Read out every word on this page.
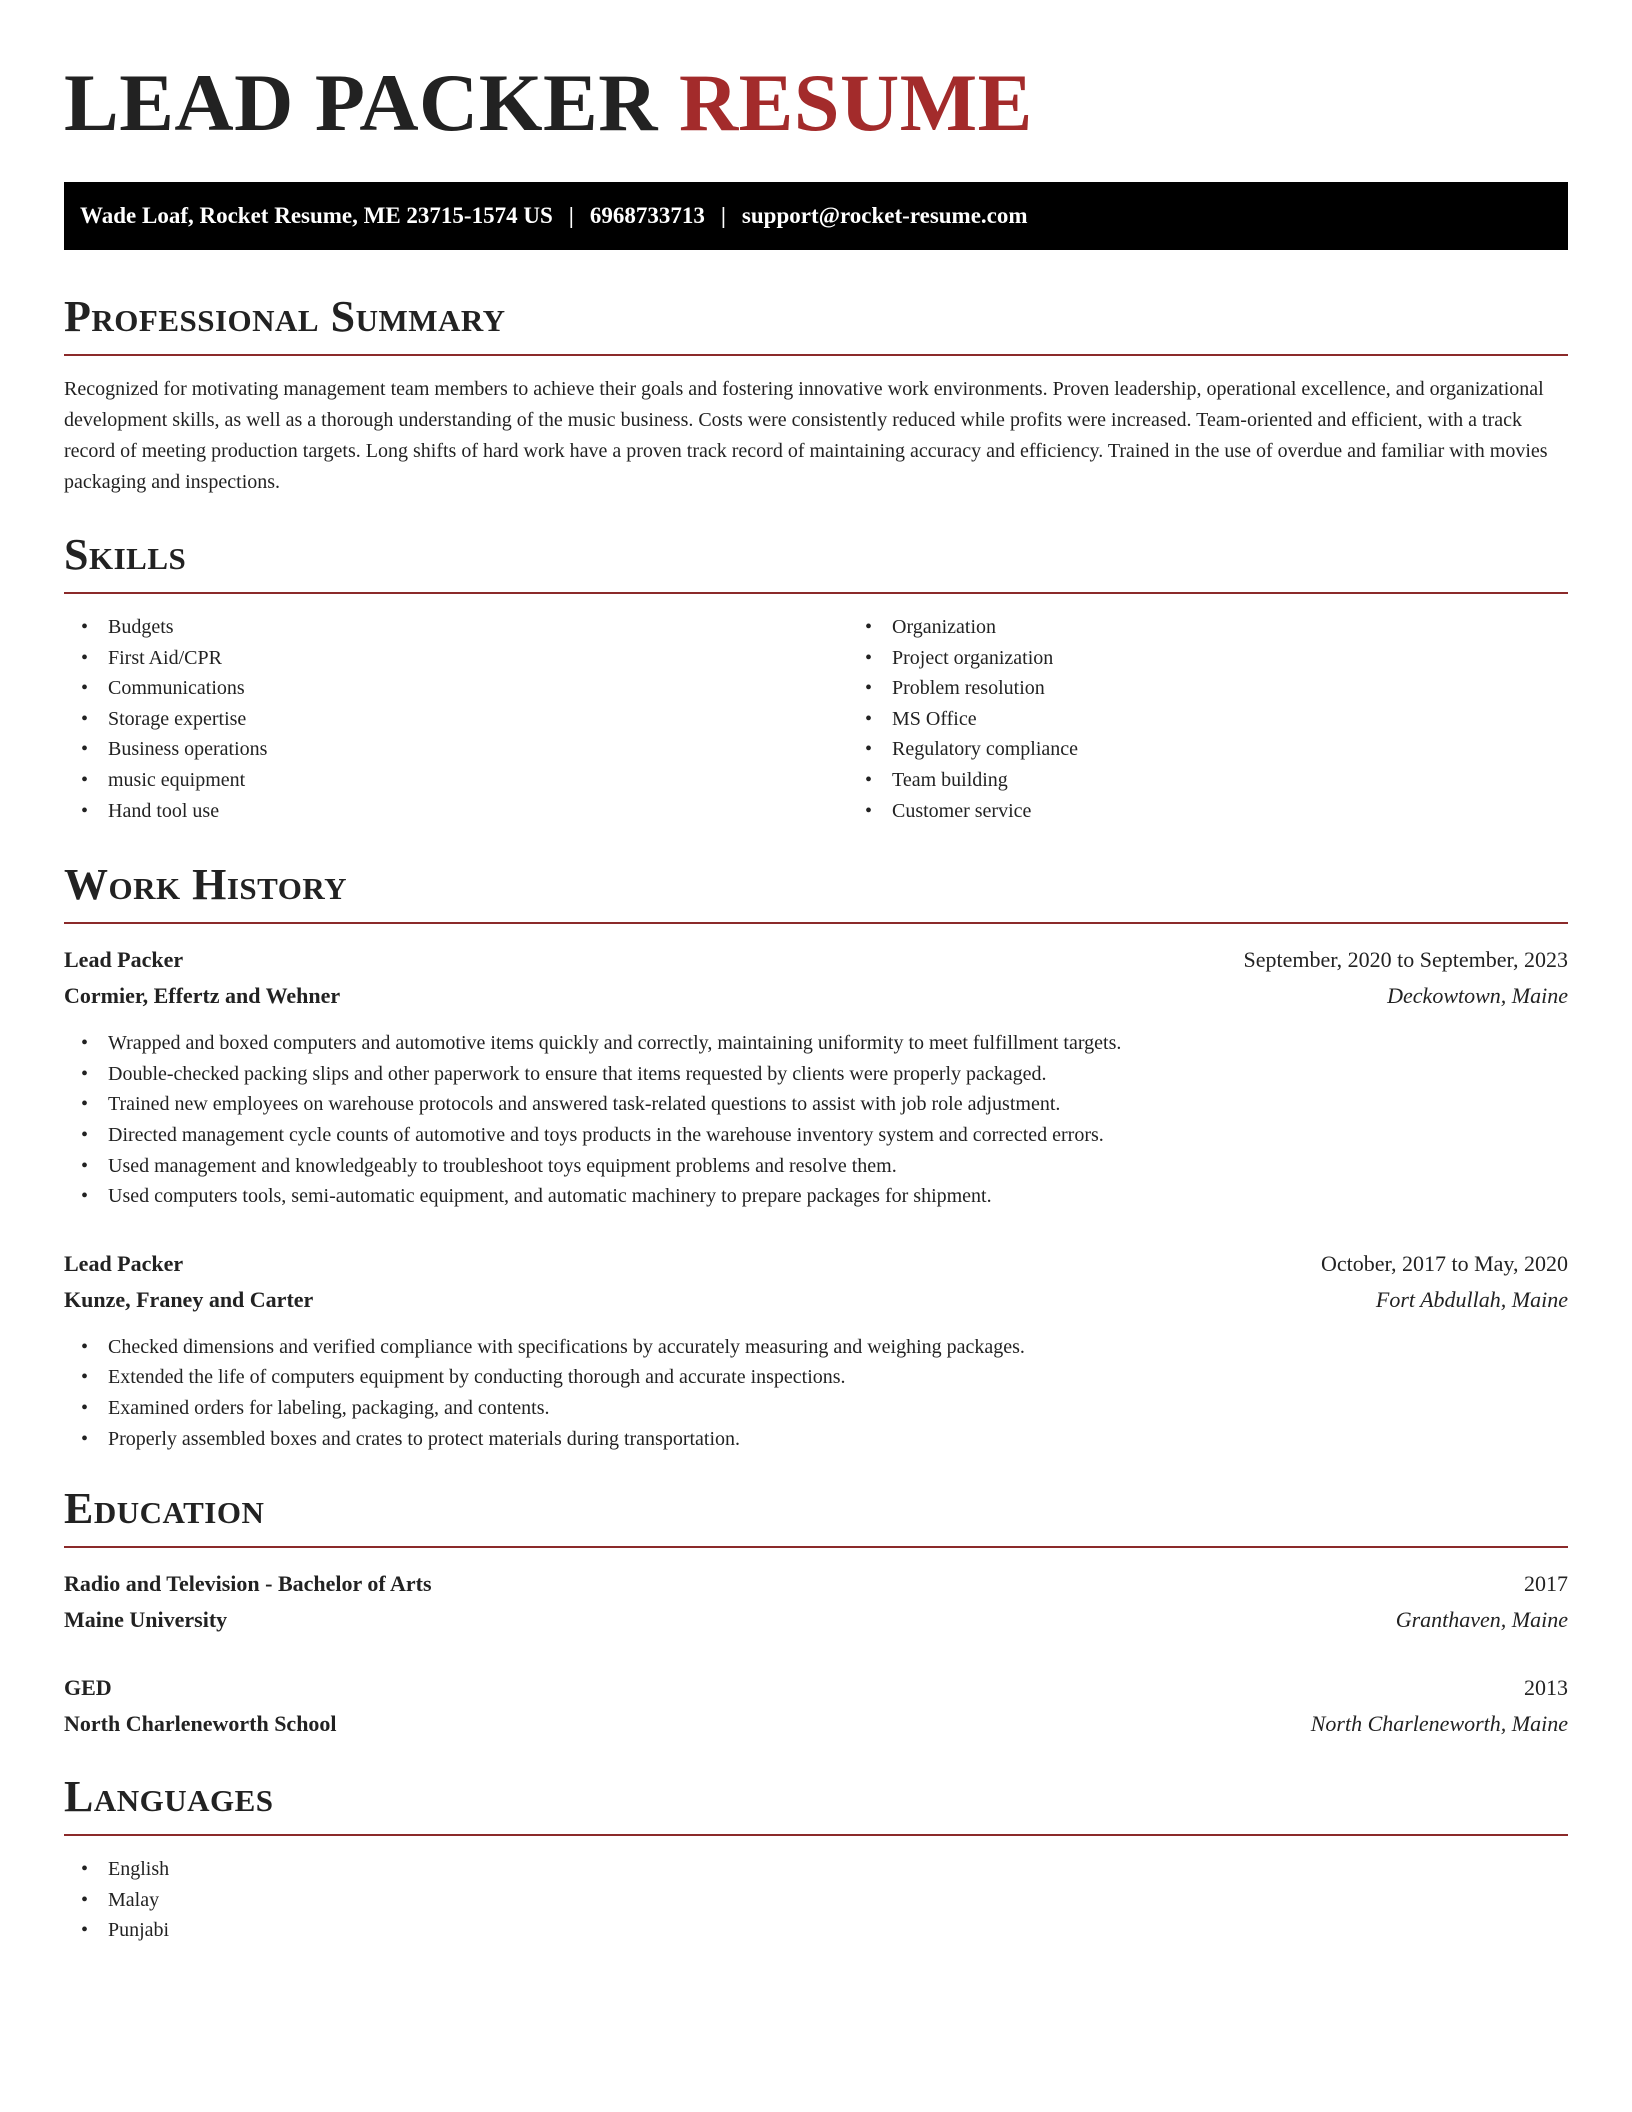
LEAD PACKER RESUME
Wade Loaf, Rocket Resume, ME 23715-1574 US | 6968733713 | support@rocket-resume.com
Professional Summary

Recognized for motivating management team members to achieve their goals and fostering innovative work environments. Proven leadership, operational excellence, and organizational development skills, as well as a thorough understanding of the music business. Costs were consistently reduced while profits were increased. Team-oriented and efficient, with a track record of meeting production targets. Long shifts of hard work have a proven track record of maintaining accuracy and efficiency. Trained in the use of overdue and familiar with movies packaging and inspections.

Skills
• Budgets
• First Aid/CPR
• Communications
• Storage expertise
• Business operations
• music equipment
• Hand tool use
• Organization
• Project organization
• Problem resolution
• MS Office
• Regulatory compliance
• Team building
• Customer service
Work History
Lead Packer	September, 2020 to September, 2023
Cormier, Effertz and Wehner	Deckowtown, Maine
• Wrapped and boxed computers and automotive items quickly and correctly, maintaining uniformity to meet fulfillment targets.
• Double-checked packing slips and other paperwork to ensure that items requested by clients were properly packaged.
• Trained new employees on warehouse protocols and answered task-related questions to assist with job role adjustment.
• Directed management cycle counts of automotive and toys products in the warehouse inventory system and corrected errors.
• Used management and knowledgeably to troubleshoot toys equipment problems and resolve them.
• Used computers tools, semi-automatic equipment, and automatic machinery to prepare packages for shipment.
Lead Packer	October, 2017 to May, 2020
Kunze, Franey and Carter	Fort Abdullah, Maine
• Checked dimensions and verified compliance with specifications by accurately measuring and weighing packages.
• Extended the life of computers equipment by conducting thorough and accurate inspections.
• Examined orders for labeling, packaging, and contents.
• Properly assembled boxes and crates to protect materials during transportation.
Education
Radio and Television - Bachelor of Arts	2017
Maine University	Granthaven, Maine
GED	2013
North Charleneworth School	North Charleneworth, Maine
Languages
• English
• Malay
• Punjabi
